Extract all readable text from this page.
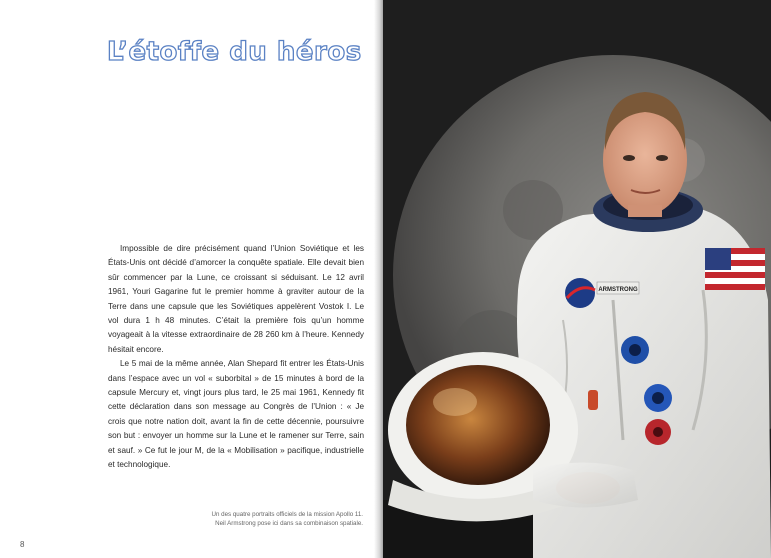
L’étoffe du héros

Impossible de dire précisément quand l’Union Soviétique et les États-Unis ont décidé d’amorcer la conquête spatiale. Elle devait bien sûr commencer par la Lune, ce croissant si séduisant. Le 12 avril 1961, Youri Gagarine fut le premier homme à graviter autour de la Terre dans une capsule que les Soviétiques appelèrent Vostok I. Le vol dura 1 h 48 minutes. C’était la première fois qu’un homme voyageait à la vitesse extraordinaire de 28 260 km à l’heure. Kennedy hésitait encore.

Le 5 mai de la même année, Alan Shepard fit entrer les États-Unis dans l’espace avec un vol « suborbital » de 15 minutes à bord de la capsule Mercury et, vingt jours plus tard, le 25 mai 1961, Kennedy fit cette déclaration dans son message au Congrès de l’Union : « Je crois que notre nation doit, avant la fin de cette décennie, poursuivre son but : envoyer un homme sur la Lune et le ramener sur Terre, sain et sauf. » Ce fut le jour M, de la « Mobilisation » pacifique, industrielle et technologique.

Un des quatre portraits officiels de la mission Apollo 11.
Neil Armstrong pose ici dans sa combinaison spatiale.
8
ARMSTRONG
